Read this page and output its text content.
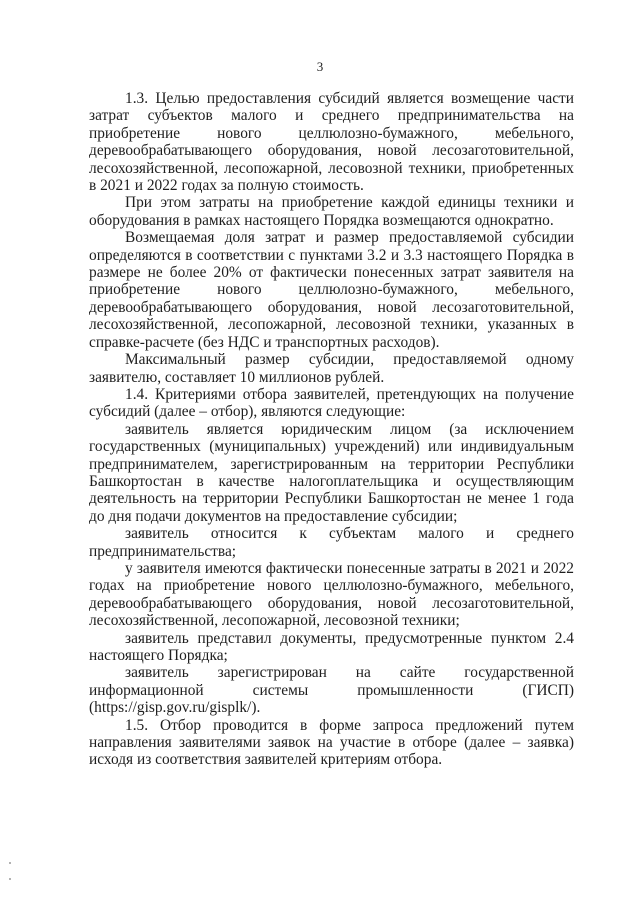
3

1.3. Целью предоставления субсидий является возмещение части затрат субъектов малого и среднего предпринимательства на приобретение нового целлюлозно-бумажного, мебельного, деревообрабатывающего оборудования, новой лесозаготовительной, лесохозяйственной, лесопожарной, лесовозной техники, приобретенных в 2021 и 2022 годах за полную стоимость.

При этом затраты на приобретение каждой единицы техники и оборудования в рамках настоящего Порядка возмещаются однократно.

Возмещаемая доля затрат и размер предоставляемой субсидии определяются в соответствии с пунктами 3.2 и 3.3 настоящего Порядка в размере не более 20% от фактически понесенных затрат заявителя на приобретение нового целлюлозно-бумажного, мебельного, деревообрабатывающего оборудования, новой лесозаготовительной, лесохозяйственной, лесопожарной, лесовозной техники, указанных в справке-расчете (без НДС и транспортных расходов).

Максимальный размер субсидии, предоставляемой одному заявителю, составляет 10 миллионов рублей.

1.4. Критериями отбора заявителей, претендующих на получение субсидий (далее – отбор), являются следующие:

заявитель является юридическим лицом (за исключением государственных (муниципальных) учреждений) или индивидуальным предпринимателем, зарегистрированным на территории Республики Башкортостан в качестве налогоплательщика и осуществляющим деятельность на территории Республики Башкортостан не менее 1 года до дня подачи документов на предоставление субсидии;

заявитель относится к субъектам малого и среднего предпринимательства;

у заявителя имеются фактически понесенные затраты в 2021 и 2022 годах на приобретение нового целлюлозно-бумажного, мебельного, деревообрабатывающего оборудования, новой лесозаготовительной, лесохозяйственной, лесопожарной, лесовозной техники;

заявитель представил документы, предусмотренные пунктом 2.4 настоящего Порядка;

заявитель зарегистрирован на сайте государственной информационной системы промышленности (ГИСП) (https://gisp.gov.ru/gisplk/).

1.5. Отбор проводится в форме запроса предложений путем направления заявителями заявок на участие в отборе (далее – заявка) исходя из соответствия заявителей критериям отбора.
